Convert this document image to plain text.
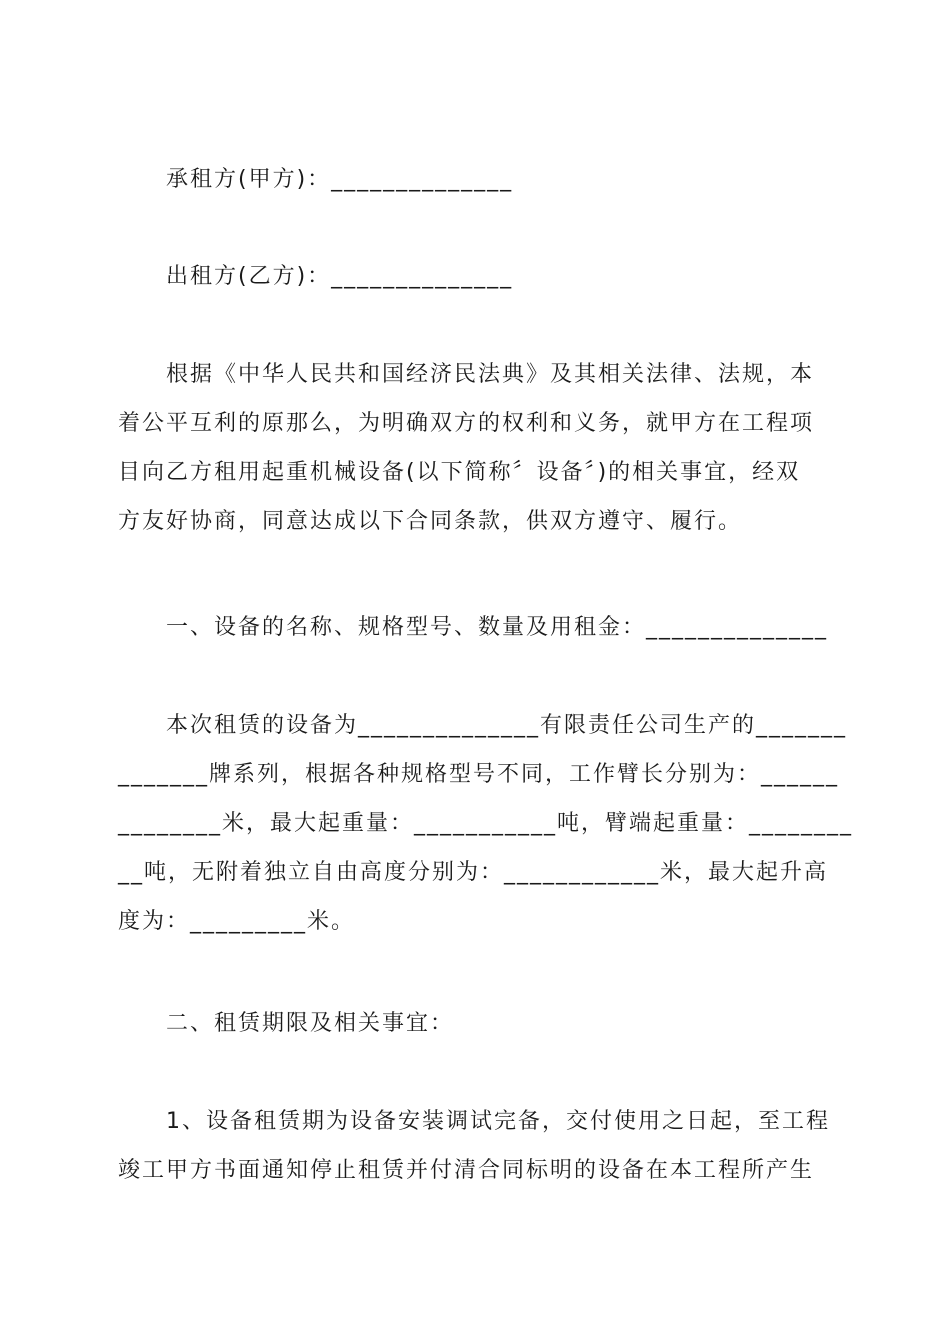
承租方(甲方)：______________
出租方(乙方)：______________
根据《中华人民共和国经济民法典》及其相关法律、法规，本
着公平互利的原那么，为明确双方的权利和义务，就甲方在工程项
目向乙方租用起重机械设备(以下简称〞设备〞)的相关事宜，经双
方友好协商，同意达成以下合同条款，供双方遵守、履行。
一、设备的名称、规格型号、数量及用租金：______________
本次租赁的设备为______________有限责任公司生产的_______
_______牌系列，根据各种规格型号不同，工作臂长分别为：______
________米，最大起重量：___________吨，臂端起重量：________
__吨，无附着独立自由高度分别为：____________米，最大起升高
度为：_________米。
二、租赁期限及相关事宜：
1、设备租赁期为设备安装调试完备，交付使用之日起，至工程
竣工甲方书面通知停止租赁并付清合同标明的设备在本工程所产生
